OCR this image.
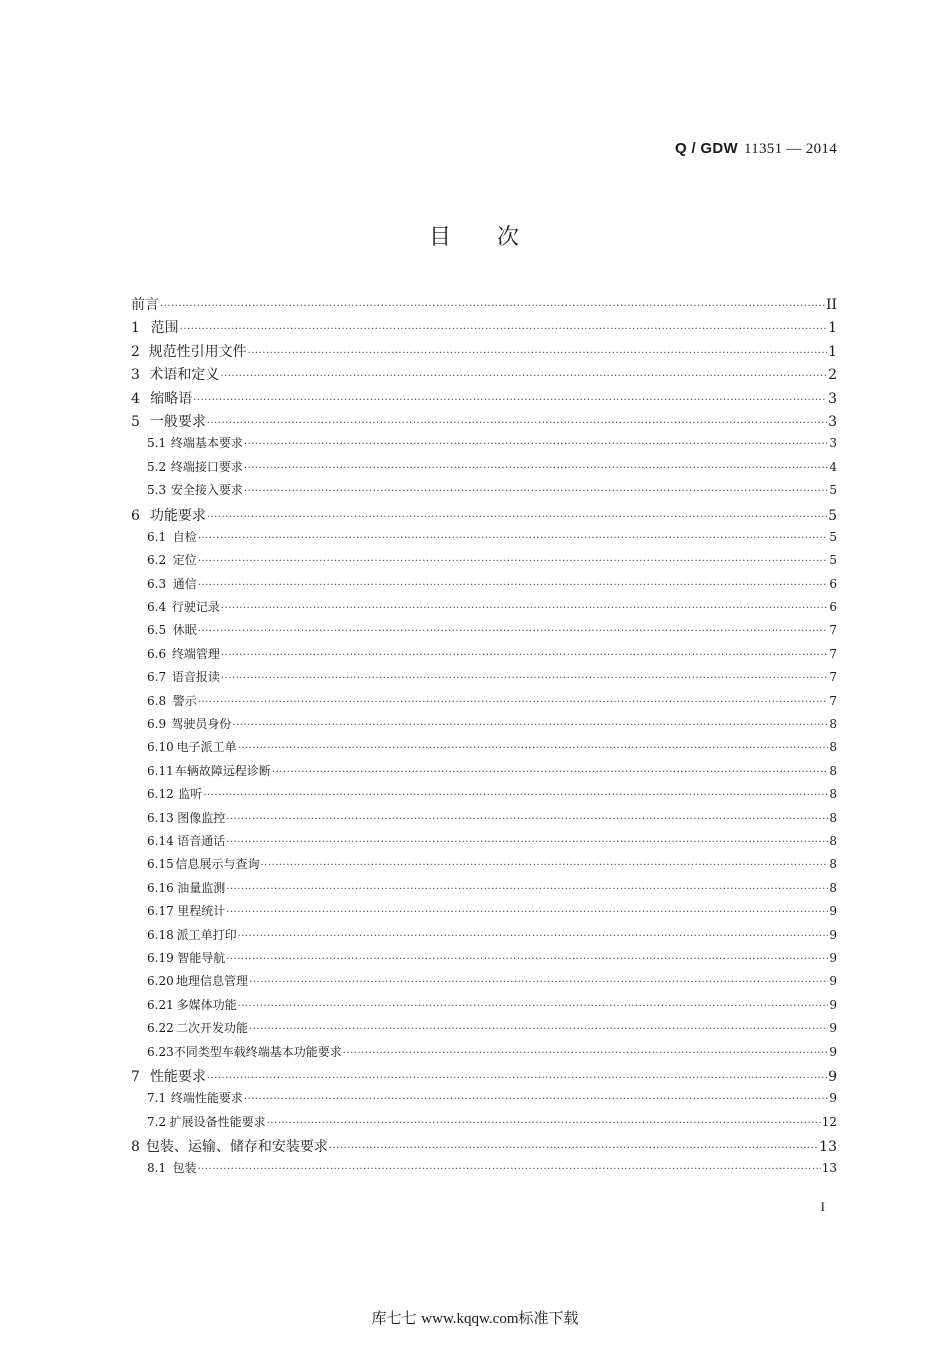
Q / GDW 11351 — 2014
目 次
前言 ·····	II
1 范围 ·····	1
2 规范性引用文件 ·····	1
3 术语和定义 ·····	2
4 缩略语 ·····	3
5 一般要求 ·····	3
5.1 终端基本要求 ·····	3
5.2 终端接口要求 ·····	4
5.3 安全接入要求 ·····	5
6 功能要求 ·····	5
6.1 自检 ·····	5
6.2 定位 ·····	5
6.3 通信 ·····	6
6.4 行驶记录 ·····	6
6.5 休眠 ·····	7
6.6 终端管理 ·····	7
6.7 语音报读 ·····	7
6.8 警示 ·····	7
6.9 驾驶员身份 ·····	8
6.10 电子派工单 ·····	8
6.11 车辆故障远程诊断 ·····	8
6.12 监听 ·····	8
6.13 图像监控 ·····	8
6.14 语音通话 ·····	8
6.15 信息展示与查询 ·····	8
6.16 油量监测 ·····	8
6.17 里程统计 ·····	9
6.18 派工单打印 ·····	9
6.19 智能导航 ·····	9
6.20 地理信息管理 ·····	9
6.21 多媒体功能 ·····	9
6.22 二次开发功能 ·····	9
6.23 不同类型车载终端基本功能要求 ·····	9
7 性能要求 ·····	9
7.1 终端性能要求 ·····	9
7.2 扩展设备性能要求 ·····	12
8 包装、运输、储存和安装要求 ·····	13
8.1 包装 ·····	13
I
库七七 www.kqqw.com标准下载
